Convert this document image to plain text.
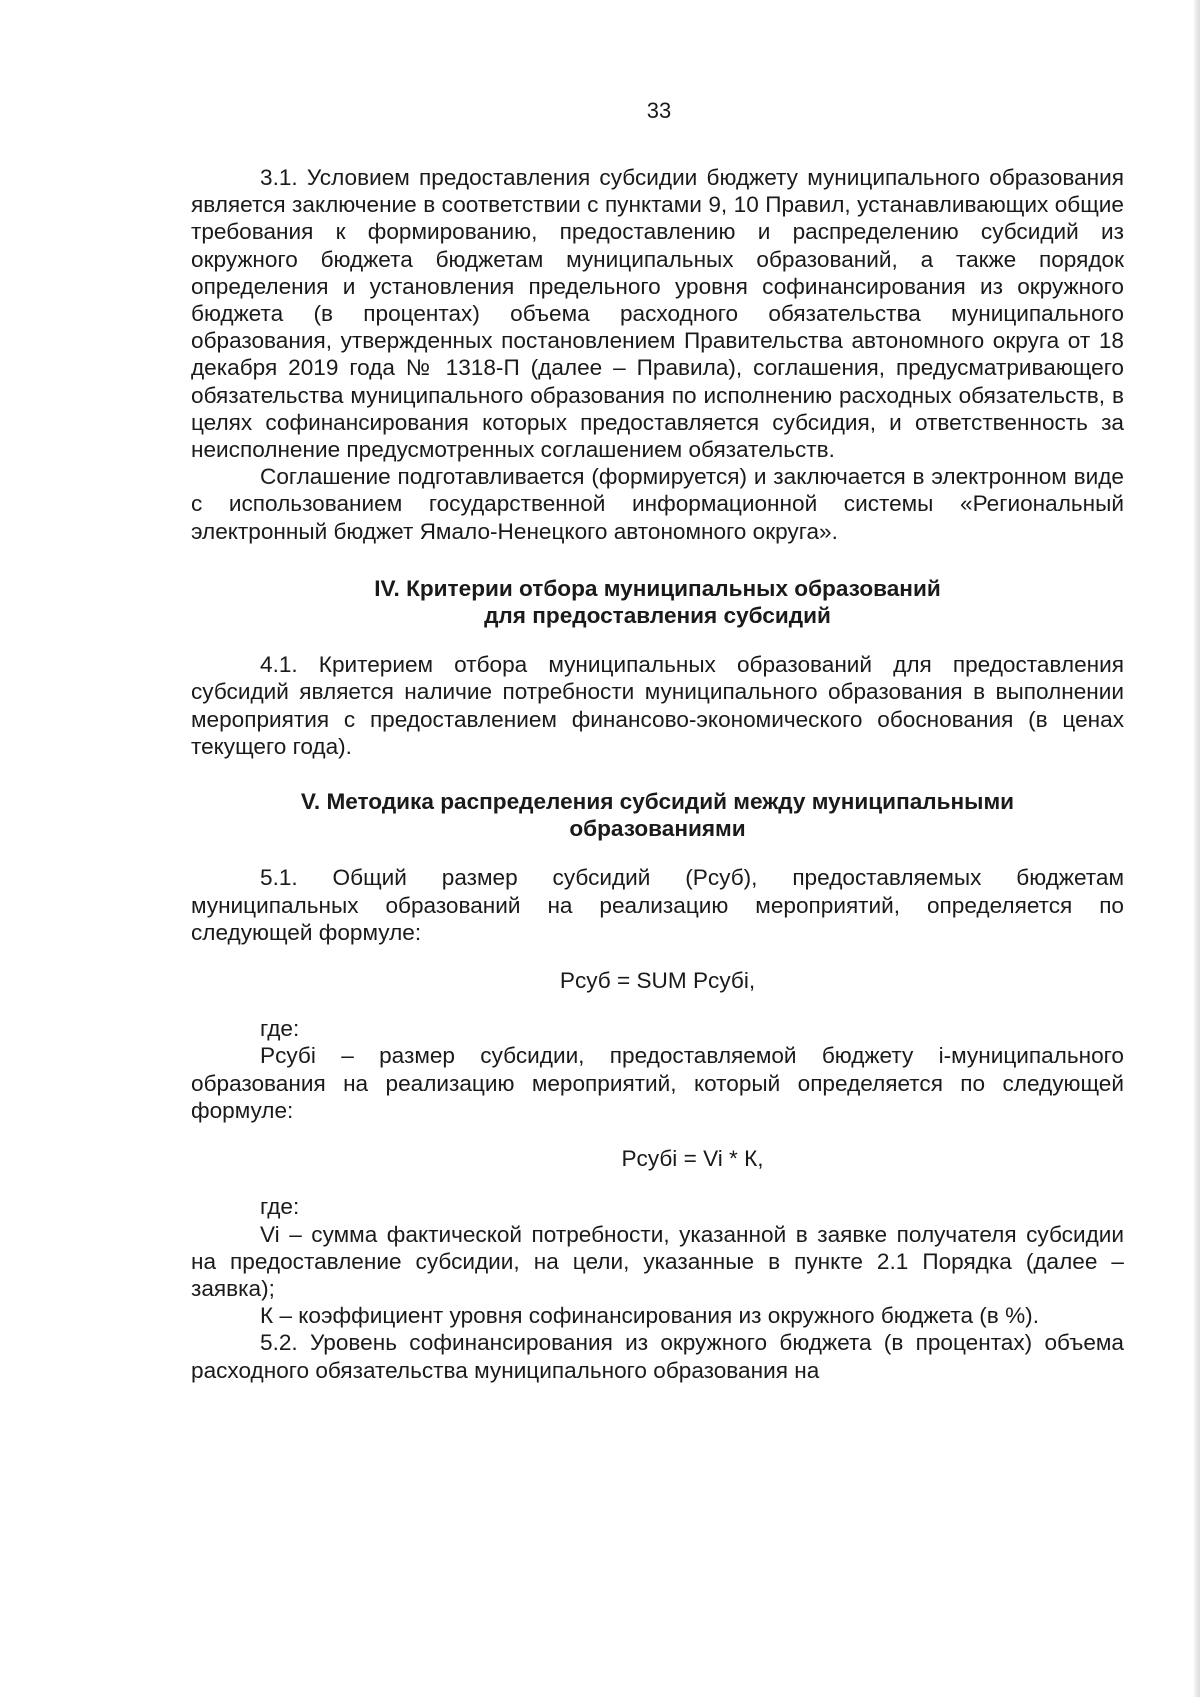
33

3.1. Условием предоставления субсидии бюджету муниципального образования является заключение в соответствии с пунктами 9, 10 Правил, устанавливающих общие требования к формированию, предоставлению и распределению субсидий из окружного бюджета бюджетам муниципальных образований, а также порядок определения и установления предельного уровня софинансирования из окружного бюджета (в процентах) объема расходного обязательства муниципального образования, утвержденных постановлением Правительства автономного округа от 18 декабря 2019 года № 1318-П (далее – Правила), соглашения, предусматривающего обязательства муниципального образования по исполнению расходных обязательств, в целях софинансирования которых предоставляется субсидия, и ответственность за неисполнение предусмотренных соглашением обязательств.

Соглашение подготавливается (формируется) и заключается в электронном виде с использованием государственной информационной системы «Региональный электронный бюджет Ямало-Ненецкого автономного округа».

IV. Критерии отбора муниципальных образований
для предоставления субсидий

4.1. Критерием отбора муниципальных образований для предоставления субсидий является наличие потребности муниципального образования в выполнении мероприятия с предоставлением финансово-экономического обоснования (в ценах текущего года).

V. Методика распределения субсидий между муниципальными
образованиями

5.1. Общий размер субсидий (Рсуб), предоставляемых бюджетам муниципальных образований на реализацию мероприятий, определяется по следующей формуле:

Рсуб = SUM Рсубi,
где:

Рсубi – размер субсидии, предоставляемой бюджету i-муниципального образования на реализацию мероприятий, который определяется по следующей формуле:

Рсубi = Vi * К,
где:

Vi – сумма фактической потребности, указанной в заявке получателя субсидии на предоставление субсидии, на цели, указанные в пункте 2.1 Порядка (далее – заявка);

К – коэффициент уровня софинансирования из окружного бюджета (в %).

5.2. Уровень софинансирования из окружного бюджета (в процентах) объема расходного обязательства муниципального образования на
